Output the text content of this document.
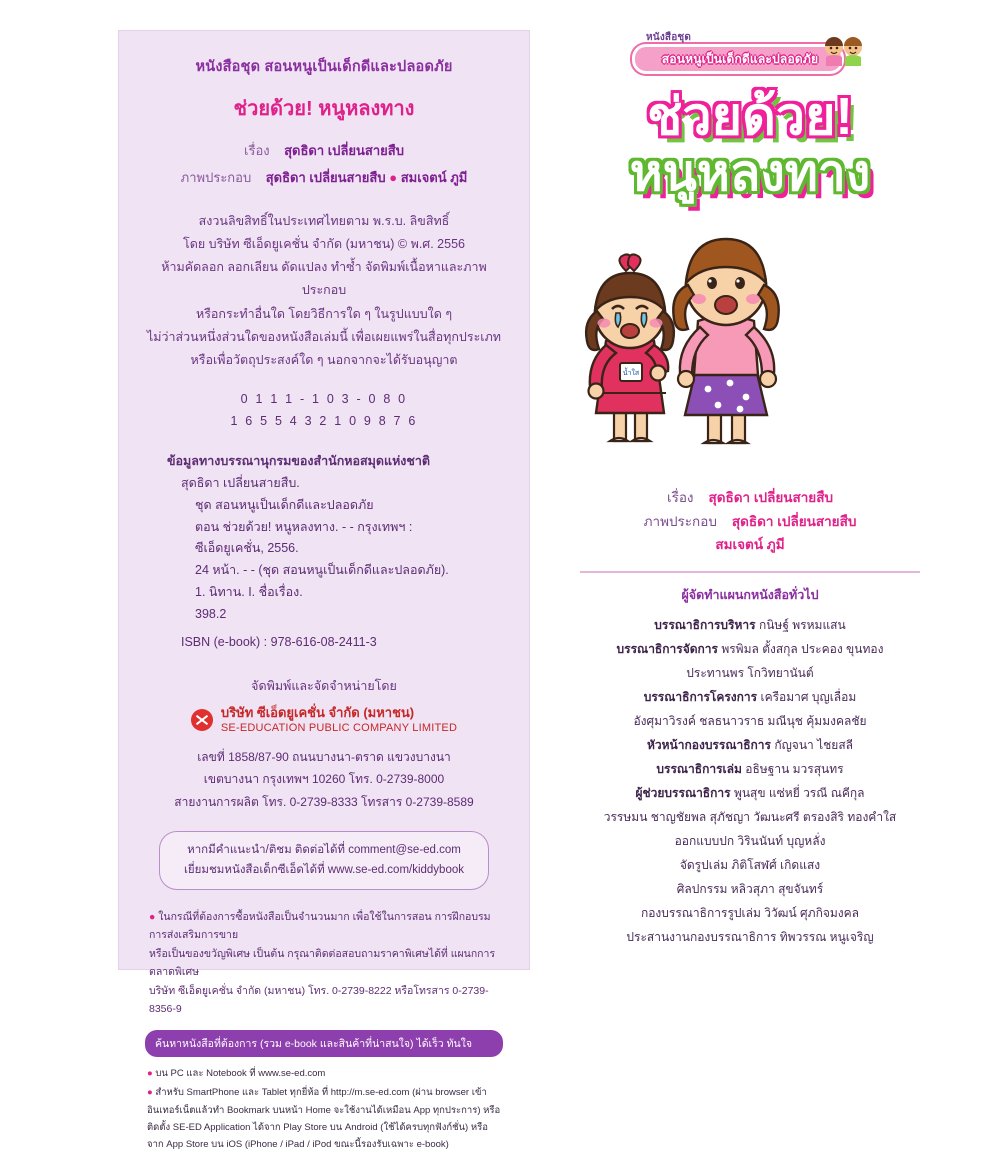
หนังสือชุด สอนหนูเป็นเด็กดีและปลอดภัย
ช่วยด้วย! หนูหลงทาง
เรื่อง สุดธิดา เปลี่ยนสายสืบ
ภาพประกอบ สุดธิดา เปลี่ยนสายสืบ ● สมเจตน์ ภูมี
สงวนลิขสิทธิ์ในประเทศไทยตาม พ.ร.บ. ลิขสิทธิ์
โดย บริษัท ซีเอ็ดยูเคชั่น จำกัด (มหาชน) © พ.ศ. 2556
ห้ามคัดลอก ลอกเลียน ดัดแปลง ทำซ้ำ จัดพิมพ์เนื้อหาและภาพประกอบ
หรือกระทำอื่นใด โดยวิธีการใด ๆ ในรูปแบบใด ๆ
ไม่ว่าส่วนหนึ่งส่วนใดของหนังสือเล่มนี้ เพื่อเผยแพร่ในสื่อทุกประเภท
หรือเพื่อวัตถุประสงค์ใด ๆ นอกจากจะได้รับอนุญาต
0 1 1 1 - 1 0 3 - 0 8 0
1 6 5 5 4 3 2 1 0 9 8 7 6
ข้อมูลทางบรรณานุกรมของสำนักหอสมุดแห่งชาติ
สุดธิดา เปลี่ยนสายสืบ.
ชุด สอนหนูเป็นเด็กดีและปลอดภัย
ตอน ช่วยด้วย! หนูหลงทาง. - - กรุงเทพฯ :
ซีเอ็ดยูเคชั่น, 2556.
24 หน้า. - - (ชุด สอนหนูเป็นเด็กดีและปลอดภัย).
1. นิทาน. I. ชื่อเรื่อง.
398.2
ISBN (e-book) : 978-616-08-2411-3
จัดพิมพ์และจัดจำหน่ายโดย
บริษัท ซีเอ็ดยูเคชั่น จำกัด (มหาชน)
SE-EDUCATION PUBLIC COMPANY LIMITED
เลขที่ 1858/87-90 ถนนบางนา-ตราด แขวงบางนา
เขตบางนา กรุงเทพฯ 10260 โทร. 0-2739-8000
สายงานการผลิต โทร. 0-2739-8333 โทรสาร 0-2739-8589
หากมีคำแนะนำ/ติชม ติดต่อได้ที่ comment@se-ed.com
เยี่ยมชมหนังสือเด็กซีเอ็ดได้ที่ www.se-ed.com/kiddybook
● ในกรณีที่ต้องการซื้อหนังสือเป็นจำนวนมาก เพื่อใช้ในการสอน การฝึกอบรม การส่งเสริมการขาย
หรือเป็นของขวัญพิเศษ เป็นต้น กรุณาติดต่อสอบถามราคาพิเศษได้ที่ แผนกการตลาดพิเศษ
บริษัท ซีเอ็ดยูเคชั่น จำกัด (มหาชน) โทร. 0-2739-8222 หรือโทรสาร 0-2739-8356-9
ค้นหาหนังสือที่ต้องการ (รวม e-book และสินค้าที่น่าสนใจ) ได้เร็ว ทันใจ
● บน PC และ Notebook ที่ www.se-ed.com
● สำหรับ SmartPhone และ Tablet ทุกยี่ห้อ ที่ http://m.se-ed.com (ผ่าน browser เข้าอินเทอร์เน็ตแล้วทำ Bookmark บนหน้า Home จะใช้งานได้เหมือน App ทุกประการ) หรือติดตั้ง SE-ED Application ได้จาก Play Store บน Android (ใช้ได้ครบทุกฟังก์ชั่น) หรือจาก App Store บน iOS (iPhone / iPad / iPod ขณะนี้รองรับเฉพาะ e-book)
หนังสือชุด
สอนหนูเป็นเด็กดีและปลอดภัย
ช่วยด้วย!
หนูหลงทาง
น้ำใส
เรื่อง สุดธิดา เปลี่ยนสายสืบ
ภาพประกอบ สุดธิดา เปลี่ยนสายสืบ
สมเจตน์ ภูมี
ผู้จัดทำแผนกหนังสือทั่วไป
บรรณาธิการบริหาร กนิษฐ์ พรหมแสน
บรรณาธิการจัดการ พรพิมล ตั้งสกุล ประคอง ขุนทอง
ประทานพร โกวิทยานันต์
บรรณาธิการโครงการ เครือมาศ บุญเลื่อม
อังศุมาวิรงค์ ชลธนาวราธ มณีนุช คุ้มมงคลชัย
หัวหน้ากองบรรณาธิการ กัญจนา ไชยสลี
บรรณาธิการเล่ม อธิษฐาน มวรสุนทร
ผู้ช่วยบรรณาธิการ พูนสุข แซ่หยี่ วรณี ณคีกุล
วรรษมน ชาญชัยพล สุภัชญา วัฒนะศรี ตรองสิริ ทองคำใส
ออกแบบปก วิรินนันท์ บุญหลั่ง
จัดรูปเล่ม ภิติโสฬศ์ เกิดแสง
ศิลปกรรม หลิวสุภา สุขจันทร์
กองบรรณาธิการรูปเล่ม วิวัฒน์ ศุภกิจมงคล
ประสานงานกองบรรณาธิการ ทิพวรรณ หนูเจริญ
